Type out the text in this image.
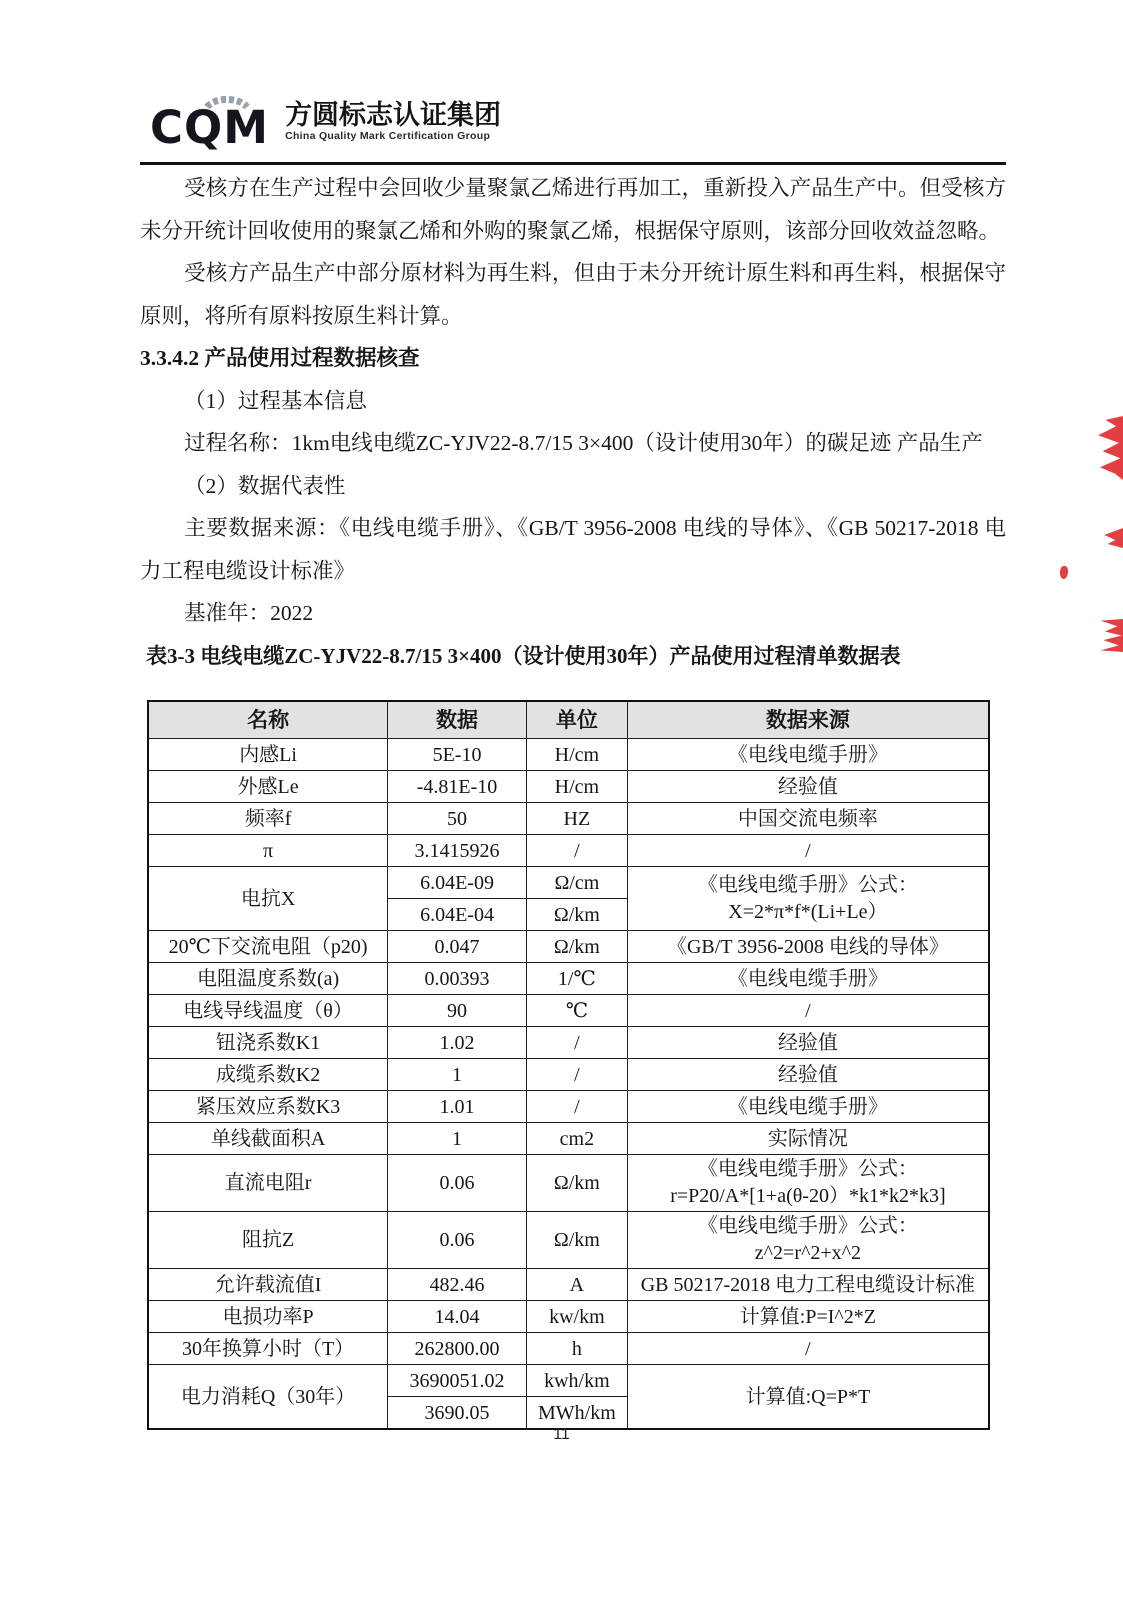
CQM 方圆标志认证集团
China Quality Mark Certification Group

受核方在生产过程中会回收少量聚氯乙烯进行再加工，重新投入产品生产中。但受核方未分开统计回收使用的聚氯乙烯和外购的聚氯乙烯，根据保守原则，该部分回收效益忽略。

受核方产品生产中部分原材料为再生料，但由于未分开统计原生料和再生料，根据保守原则，将所有原料按原生料计算。

3.3.4.2 产品使用过程数据核查

（1）过程基本信息

过程名称：1km电线电缆ZC-YJV22-8.7/15 3×400（设计使用30年）的碳足迹 产品生产

（2）数据代表性

主要数据来源：《电线电缆手册》、《GB/T 3956-2008 电线的导体》、《GB 50217-2018 电力工程电缆设计标准》

基准年：2022

表3-3 电线电缆ZC-YJV22-8.7/15 3×400（设计使用30年）产品使用过程清单数据表

名称	数据	单位	数据来源
内感Li	5E-10	H/cm	《电线电缆手册》
外感Le	-4.81E-10	H/cm	经验值
频率f	50	HZ	中国交流电频率
π	3.1415926	/	/
电抗X	6.04E-09	Ω/cm	《电线电缆手册》公式：
X=2*π*f*(Li+Le）

	6.04E-04	Ω/km	
20℃下交流电阻（p20)	0.047	Ω/km	《GB/T 3956-2008 电线的导体》
电阻温度系数(a)	0.00393	1/℃	《电线电缆手册》
电线导线温度（θ）	90	℃	/
钮浇系数K1	1.02	/	经验值
成缆系数K2	1	/	经验值
紧压效应系数K3	1.01	/	《电线电缆手册》
单线截面积A	1	cm2	实际情况
直流电阻r	0.06	Ω/km	《电线电缆手册》公式：
r=P20/A*[1+a(θ-20）*k1*k2*k3]

阻抗Z	0.06	Ω/km	《电线电缆手册》公式：
z^2=r^2+x^2

允许载流值I	482.46	A	GB 50217-2018 电力工程电缆设计标准
电损功率P	14.04	kw/km	计算值:P=I^2*Z
30年换算小时（T）	262800.00	h	/
电力消耗Q（30年）	3690051.02	kwh/km	计算值:Q=P*T
	3690.05	MWh/km	
11
